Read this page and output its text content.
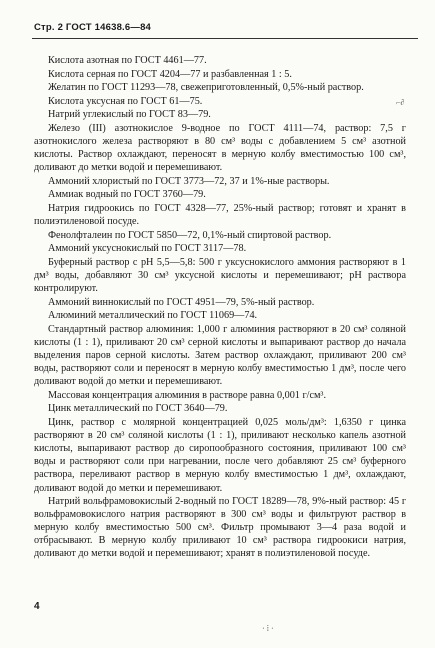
Стр. 2 ГОСТ 14638.6—84

Кислота азотная по ГОСТ 4461—77.

Кислота серная по ГОСТ 4204—77 и разбавленная 1 : 5.

Желатин по ГОСТ 11293—78, свежеприготовленный, 0,5%-ный раствор.

Кислота уксусная по ГОСТ 61—75.

Натрий углекислый по ГОСТ 83—79.

Железо (III) азотнокислое 9-водное по ГОСТ 4111—74, раствор: 7,5 г азотнокислого железа растворяют в 80 см³ воды с добавлением 5 см³ азотной кислоты. Раствор охлаждают, переносят в мерную колбу вместимостью 100 см³, доливают до метки водой и перемешивают.

Аммоний хлористый по ГОСТ 3773—72, 37 и 1%-ные растворы.

Аммиак водный по ГОСТ 3760—79.

Натрия гидроокись по ГОСТ 4328—77, 25%-ный раствор; готовят и хранят в полиэтиленовой посуде.

Фенолфталеин по ГОСТ 5850—72, 0,1%-ный спиртовой раствор.

Аммоний уксуснокислый по ГОСТ 3117—78.

Буферный раствор с pH 5,5—5,8: 500 г уксуснокислого аммония растворяют в 1 дм³ воды, добавляют 30 см³ уксусной кислоты и перемешивают; pH раствора контролируют.

Аммоний виннокислый по ГОСТ 4951—79, 5%-ный раствор.

Алюминий металлический по ГОСТ 11069—74.

Стандартный раствор алюминия: 1,000 г алюминия растворяют в 20 см³ соляной кислоты (1 : 1), приливают 20 см³ серной кислоты и выпаривают раствор до начала выделения паров серной кислоты. Затем раствор охлаждают, приливают 200 см³ воды, растворяют соли и переносят в мерную колбу вместимостью 1 дм³, после чего доливают водой до метки и перемешивают.

Массовая концентрация алюминия в растворе равна 0,001 г/см³.

Цинк металлический по ГОСТ 3640—79.

Цинк, раствор с молярной концентрацией 0,025 моль/дм³: 1,6350 г цинка растворяют в 20 см³ соляной кислоты (1 : 1), приливают несколько капель азотной кислоты, выпаривают раствор до сиропообразного состояния, приливают 100 см³ воды и растворяют соли при нагревании, после чего добавляют 25 см³ буферного раствора, переливают раствор в мерную колбу вместимостью 1 дм³, охлаждают, доливают водой до метки и перемешивают.

Натрий вольфрамовокислый 2-водный по ГОСТ 18289—78, 9%-ный раствор: 45 г вольфрамовокислого натрия растворяют в 300 см³ воды и фильтруют раствор в мерную колбу вместимостью 500 см³. Фильтр промывают 3—4 раза водой и отбрасывают. В мерную колбу приливают 10 см³ раствора гидроокиси натрия, доливают до метки водой и перемешивают; хранят в полиэтиленовой посуде.

⌐∂
⋅ ⁞ ⋅
4
